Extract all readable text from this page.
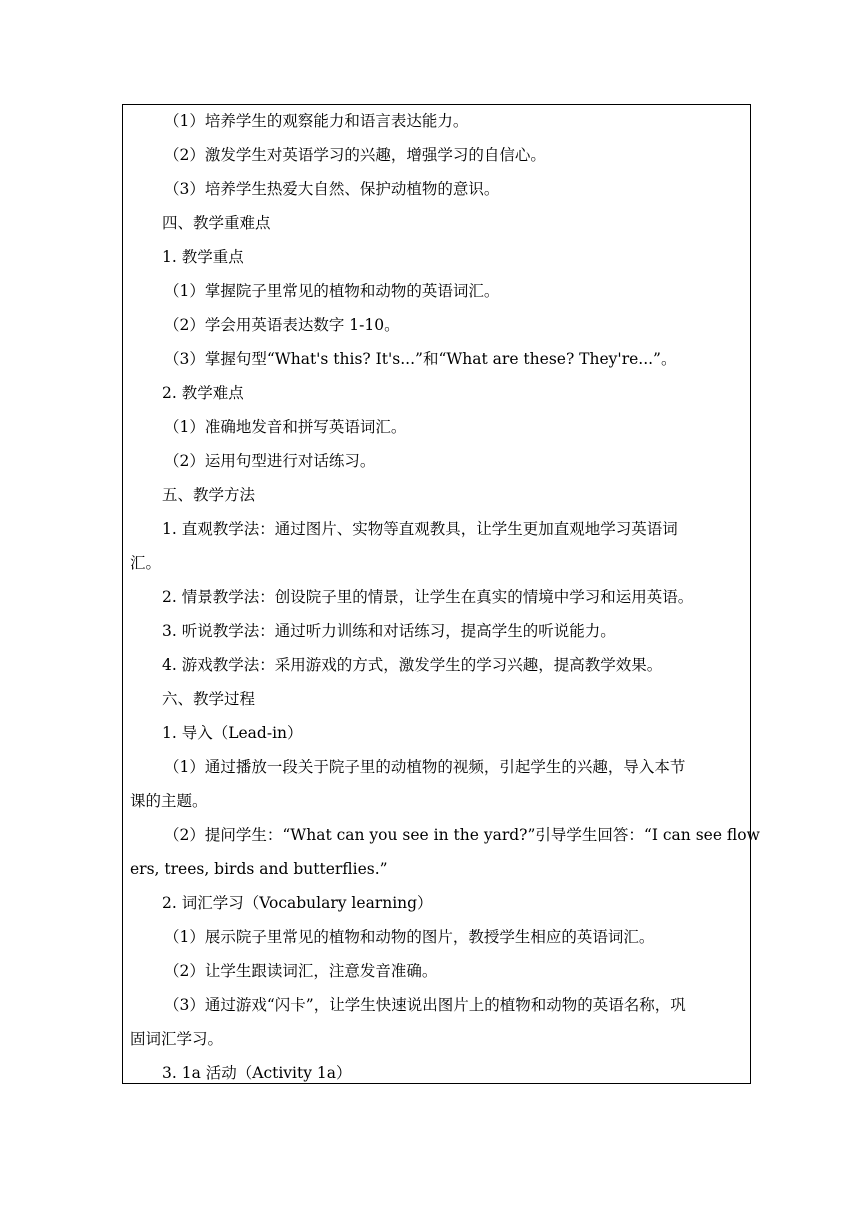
（1）培养学生的观察能力和语言表达能力。
（2）激发学生对英语学习的兴趣，增强学习的自信心。
（3）培养学生热爱大自然、保护动植物的意识。
四、教学重难点
1. 教学重点
（1）掌握院子里常见的植物和动物的英语词汇。
（2）学会用英语表达数字 1-10。
（3）掌握句型“What's this? It's...”和“What are these? They're...”。
2. 教学难点
（1）准确地发音和拼写英语词汇。
（2）运用句型进行对话练习。
五、教学方法
1. 直观教学法：通过图片、实物等直观教具，让学生更加直观地学习英语词
汇。
2. 情景教学法：创设院子里的情景，让学生在真实的情境中学习和运用英语。
3. 听说教学法：通过听力训练和对话练习，提高学生的听说能力。
4. 游戏教学法：采用游戏的方式，激发学生的学习兴趣，提高教学效果。
六、教学过程
1. 导入（Lead-in）
（1）通过播放一段关于院子里的动植物的视频，引起学生的兴趣，导入本节
课的主题。
（2）提问学生：“What can you see in the yard?”引导学生回答：“I can see flow
ers, trees, birds and butterflies.”
2. 词汇学习（Vocabulary learning）
（1）展示院子里常见的植物和动物的图片，教授学生相应的英语词汇。
（2）让学生跟读词汇，注意发音准确。
（3）通过游戏“闪卡”，让学生快速说出图片上的植物和动物的英语名称，巩
固词汇学习。
3. 1a 活动（Activity 1a）
